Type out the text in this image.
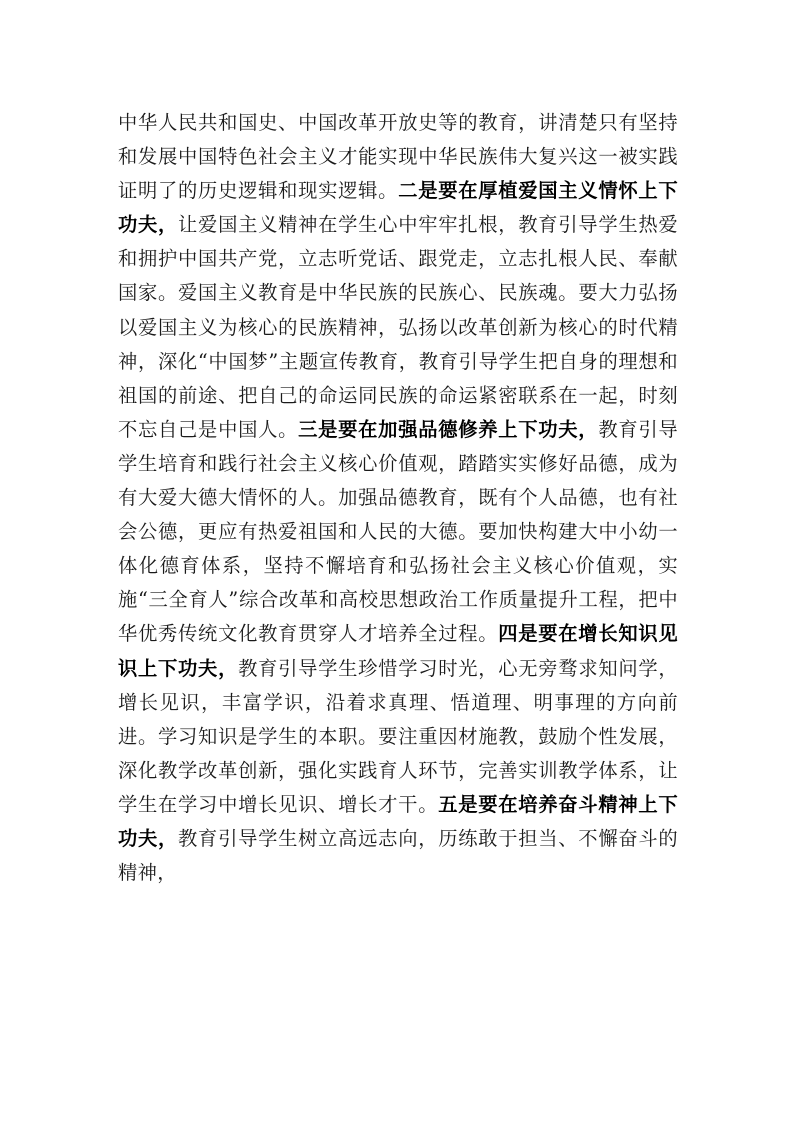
中华人民共和国史、中国改革开放史等的教育，讲清楚只有坚持和发展中国特色社会主义才能实现中华民族伟大复兴这一被实践证明了的历史逻辑和现实逻辑。二是要在厚植爱国主义情怀上下功夫，让爱国主义精神在学生心中牢牢扎根，教育引导学生热爱和拥护中国共产党，立志听党话、跟党走，立志扎根人民、奉献国家。爱国主义教育是中华民族的民族心、民族魂。要大力弘扬以爱国主义为核心的民族精神，弘扬以改革创新为核心的时代精神，深化“中国梦”主题宣传教育，教育引导学生把自身的理想和祖国的前途、把自己的命运同民族的命运紧密联系在一起，时刻不忘自己是中国人。三是要在加强品德修养上下功夫，教育引导学生培育和践行社会主义核心价值观，踏踏实实修好品德，成为有大爱大德大情怀的人。加强品德教育，既有个人品德，也有社会公德，更应有热爱祖国和人民的大德。要加快构建大中小幼一体化德育体系，坚持不懈培育和弘扬社会主义核心价值观，实施“三全育人”综合改革和高校思想政治工作质量提升工程，把中华优秀传统文化教育贯穿人才培养全过程。四是要在增长知识见识上下功夫，教育引导学生珍惜学习时光，心无旁骛求知问学，增长见识，丰富学识，沿着求真理、悟道理、明事理的方向前进。学习知识是学生的本职。要注重因材施教，鼓励个性发展，深化教学改革创新，强化实践育人环节，完善实训教学体系，让学生在学习中增长见识、增长才干。五是要在培养奋斗精神上下功夫，教育引导学生树立高远志向，历练敢于担当、不懈奋斗的精神，
